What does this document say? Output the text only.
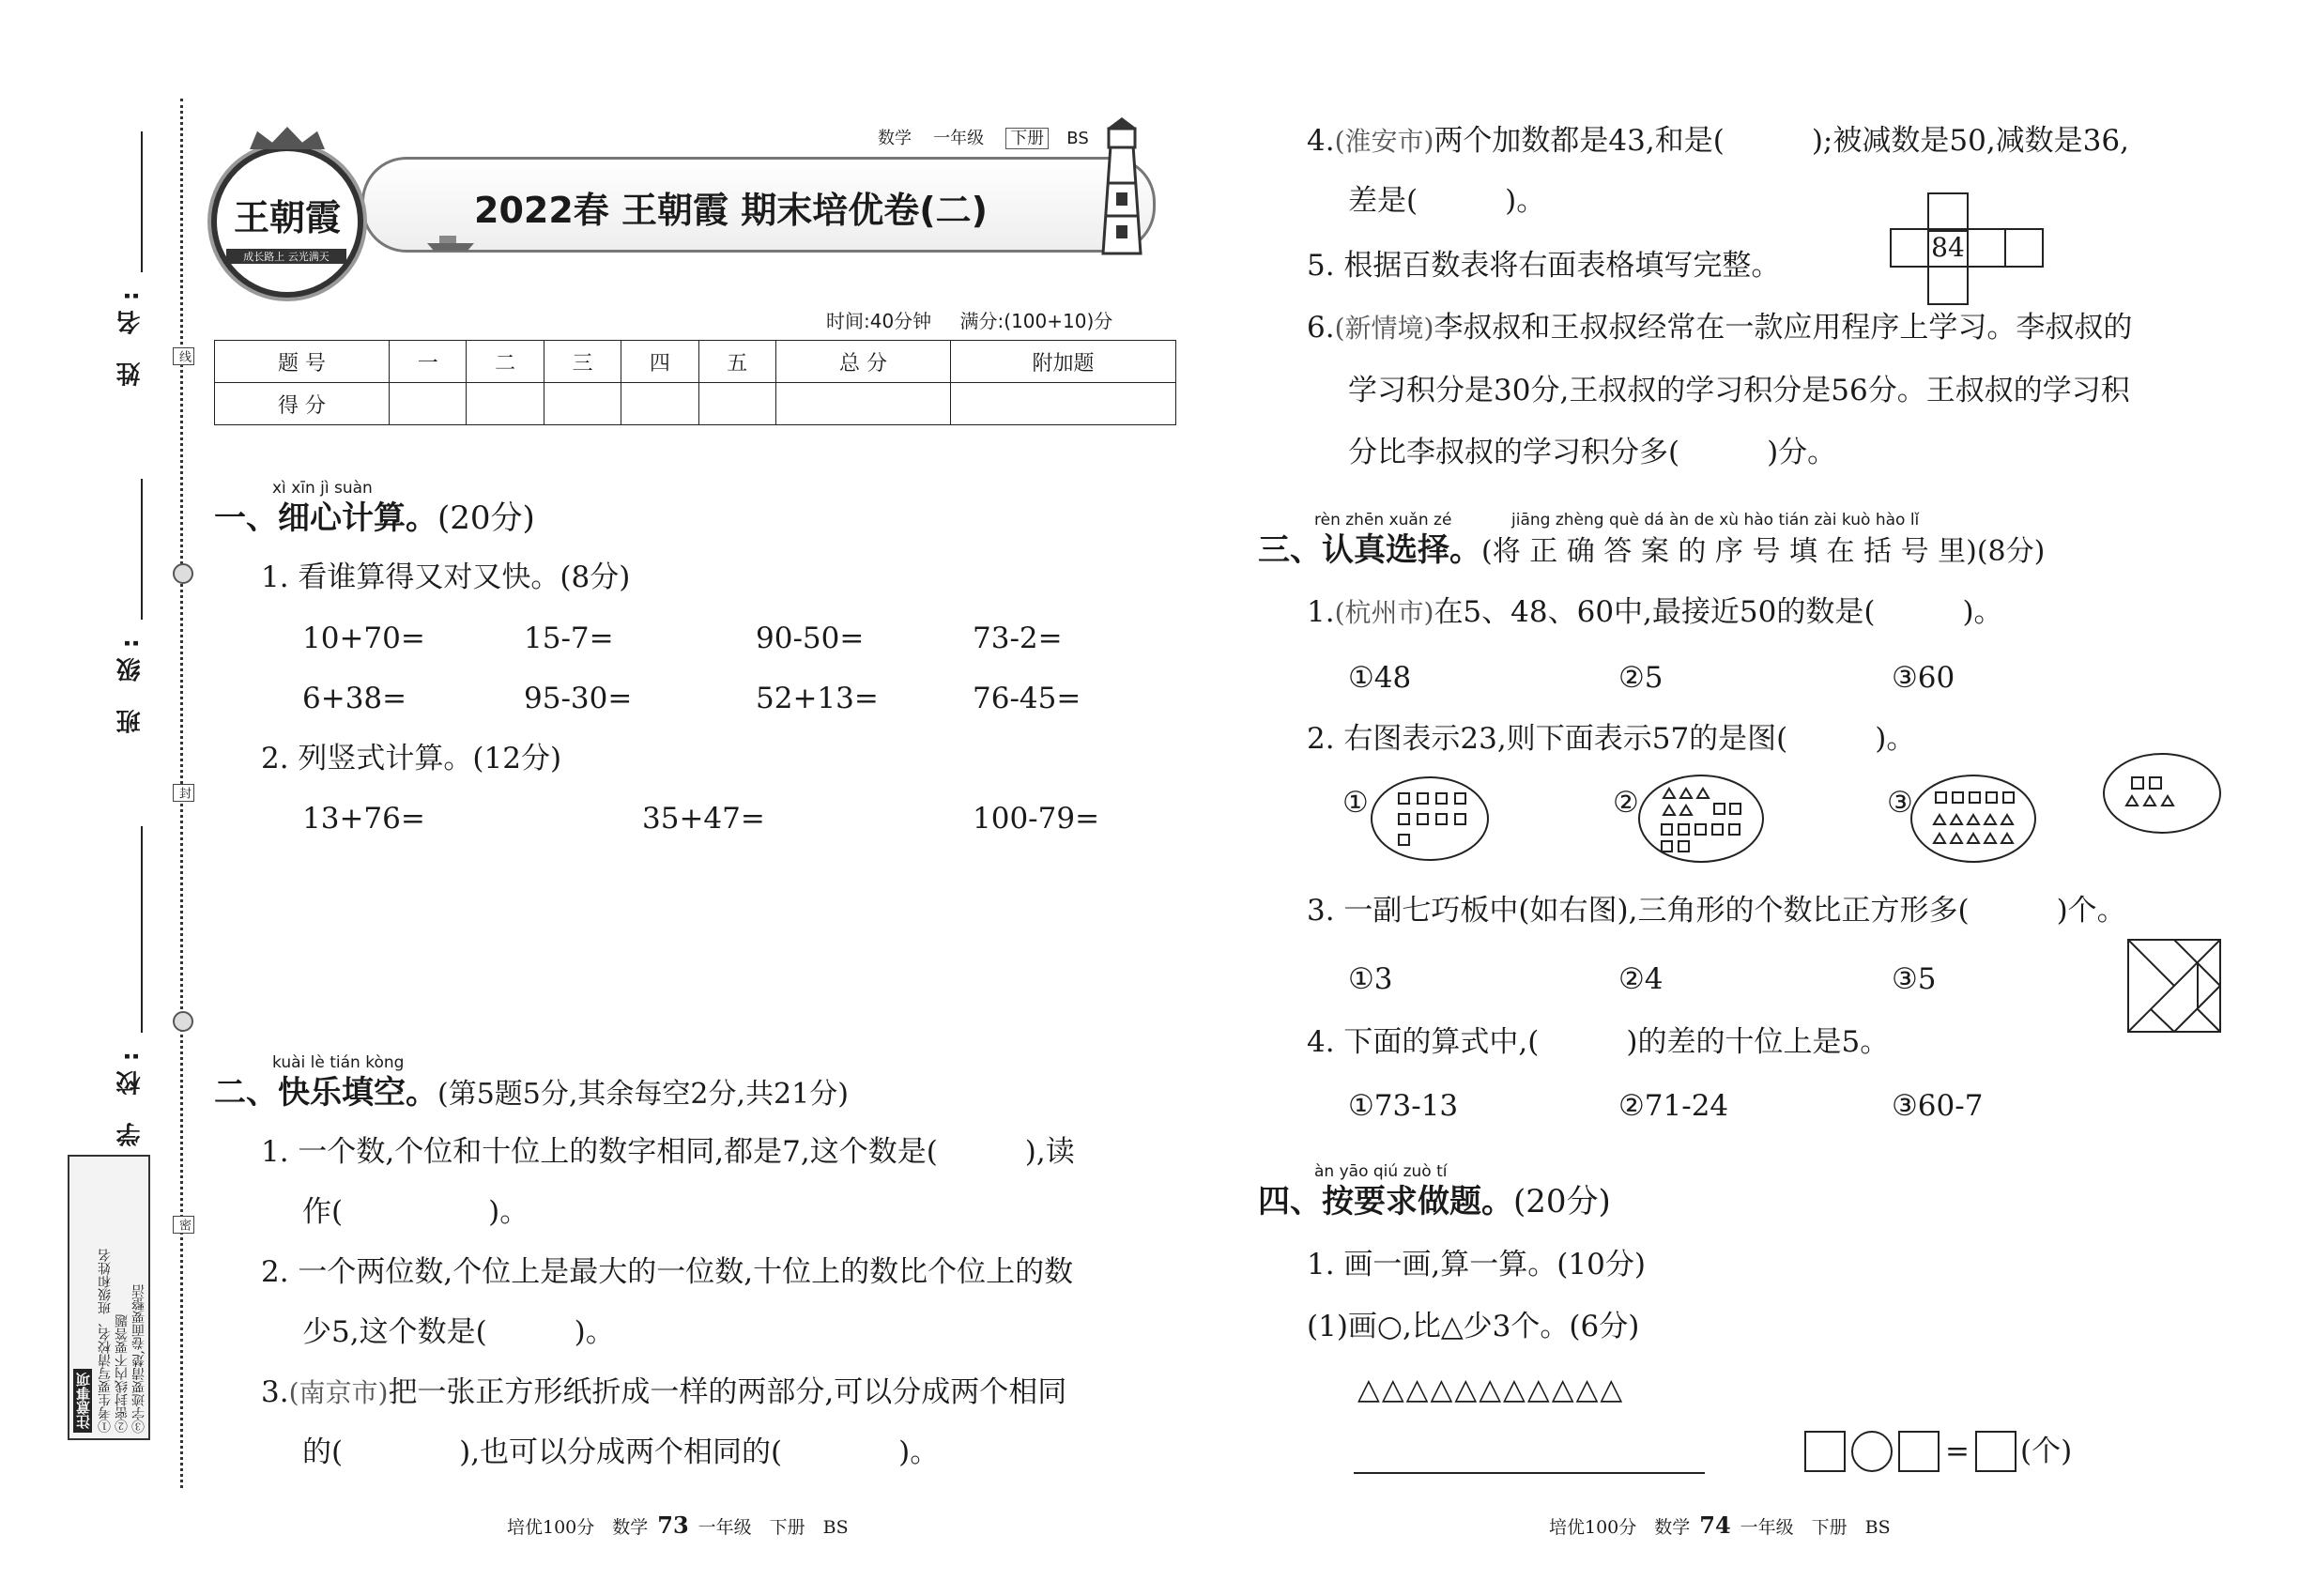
线
封
密
姓 名:
班 级:
学 校:
注意事项 ①考生要写清校名、班级和姓名 ②密封线内不要答题 ③字迹要清楚,卷面要整洁
数学 一年级 下册 BS
2022春 王朝霞 期末培优卷(二)
王朝霞
成长路上 云光满天
时间:40分钟 满分:(100+10)分
题 号	一	二	三	四	五	总 分	附加题
得 分							
xì xīn jì suàn
一、细心计算。(20分)
1. 看谁算得又对又快。(8分)
10+70=	15-7=	90-50=	73-2=
6+38=	95-30=	52+13=	76-45=
2. 列竖式计算。(12分)
13+76=	35+47=	100-79=
kuài lè tián kòng
二、快乐填空。(第5题5分,其余每空2分,共21分)
1. 一个数,个位和十位上的数字相同,都是7,这个数是(　　　),读
作(　　　　　)。
2. 一个两位数,个位上是最大的一位数,十位上的数比个位上的数
少5,这个数是(　　　)。
3.(南京市)把一张正方形纸折成一样的两部分,可以分成两个相同
的(　　　　),也可以分成两个相同的(　　　　)。
培优100分　数学 73 一年级　下册　BS
4.(淮安市)两个加数都是43,和是(　　　);被减数是50,减数是36,
差是(　　　)。
84
5. 根据百数表将右面表格填写完整。
6.(新情境)李叔叔和王叔叔经常在一款应用程序上学习。李叔叔的
学习积分是30分,王叔叔的学习积分是56分。王叔叔的学习积
分比李叔叔的学习积分多(　　　)分。
rèn zhēn xuǎn zé	jiāng zhèng què dá àn de xù hào tián zài kuò hào lǐ
三、认真选择。(将 正 确 答 案 的 序 号 填 在 括 号 里)(8分)
1.(杭州市)在5、48、60中,最接近50的数是(　　　)。
①48	②5	③60
2. 右图表示23,则下面表示57的是图(　　　)。
①	②	③
3. 一副七巧板中(如右图),三角形的个数比正方形多(　　　)个。
①3	②4	③5
4. 下面的算式中,(　　　)的差的十位上是5。
①73-13	②71-24	③60-7
àn yāo qiú zuò tí
四、按要求做题。(20分)
1. 画一画,算一算。(10分)
(1)画○,比△少3个。(6分)
△△△△△△△△△△△
= (个)
培优100分　数学 74 一年级　下册　BS
